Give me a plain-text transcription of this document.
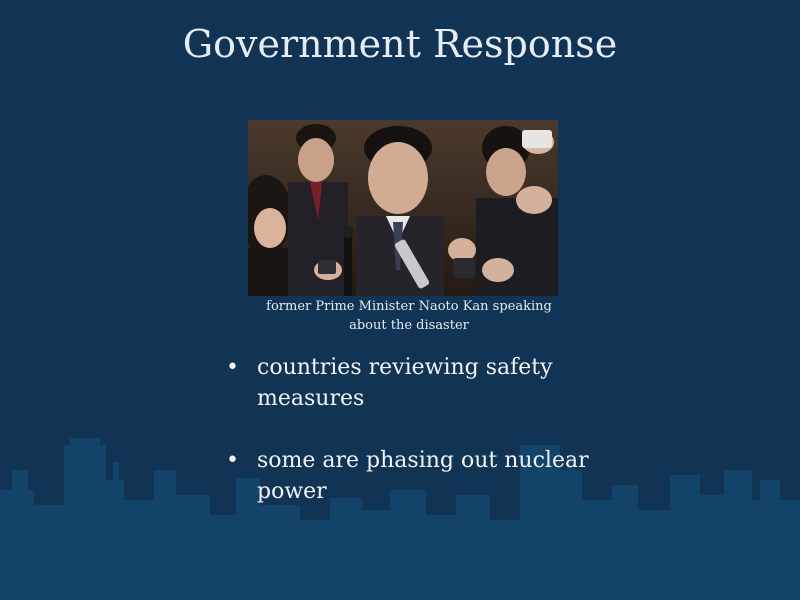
Government Response
former Prime Minister Naoto Kan speaking about the disaster
• countries reviewing safety measures
• some are phasing out nuclear power
